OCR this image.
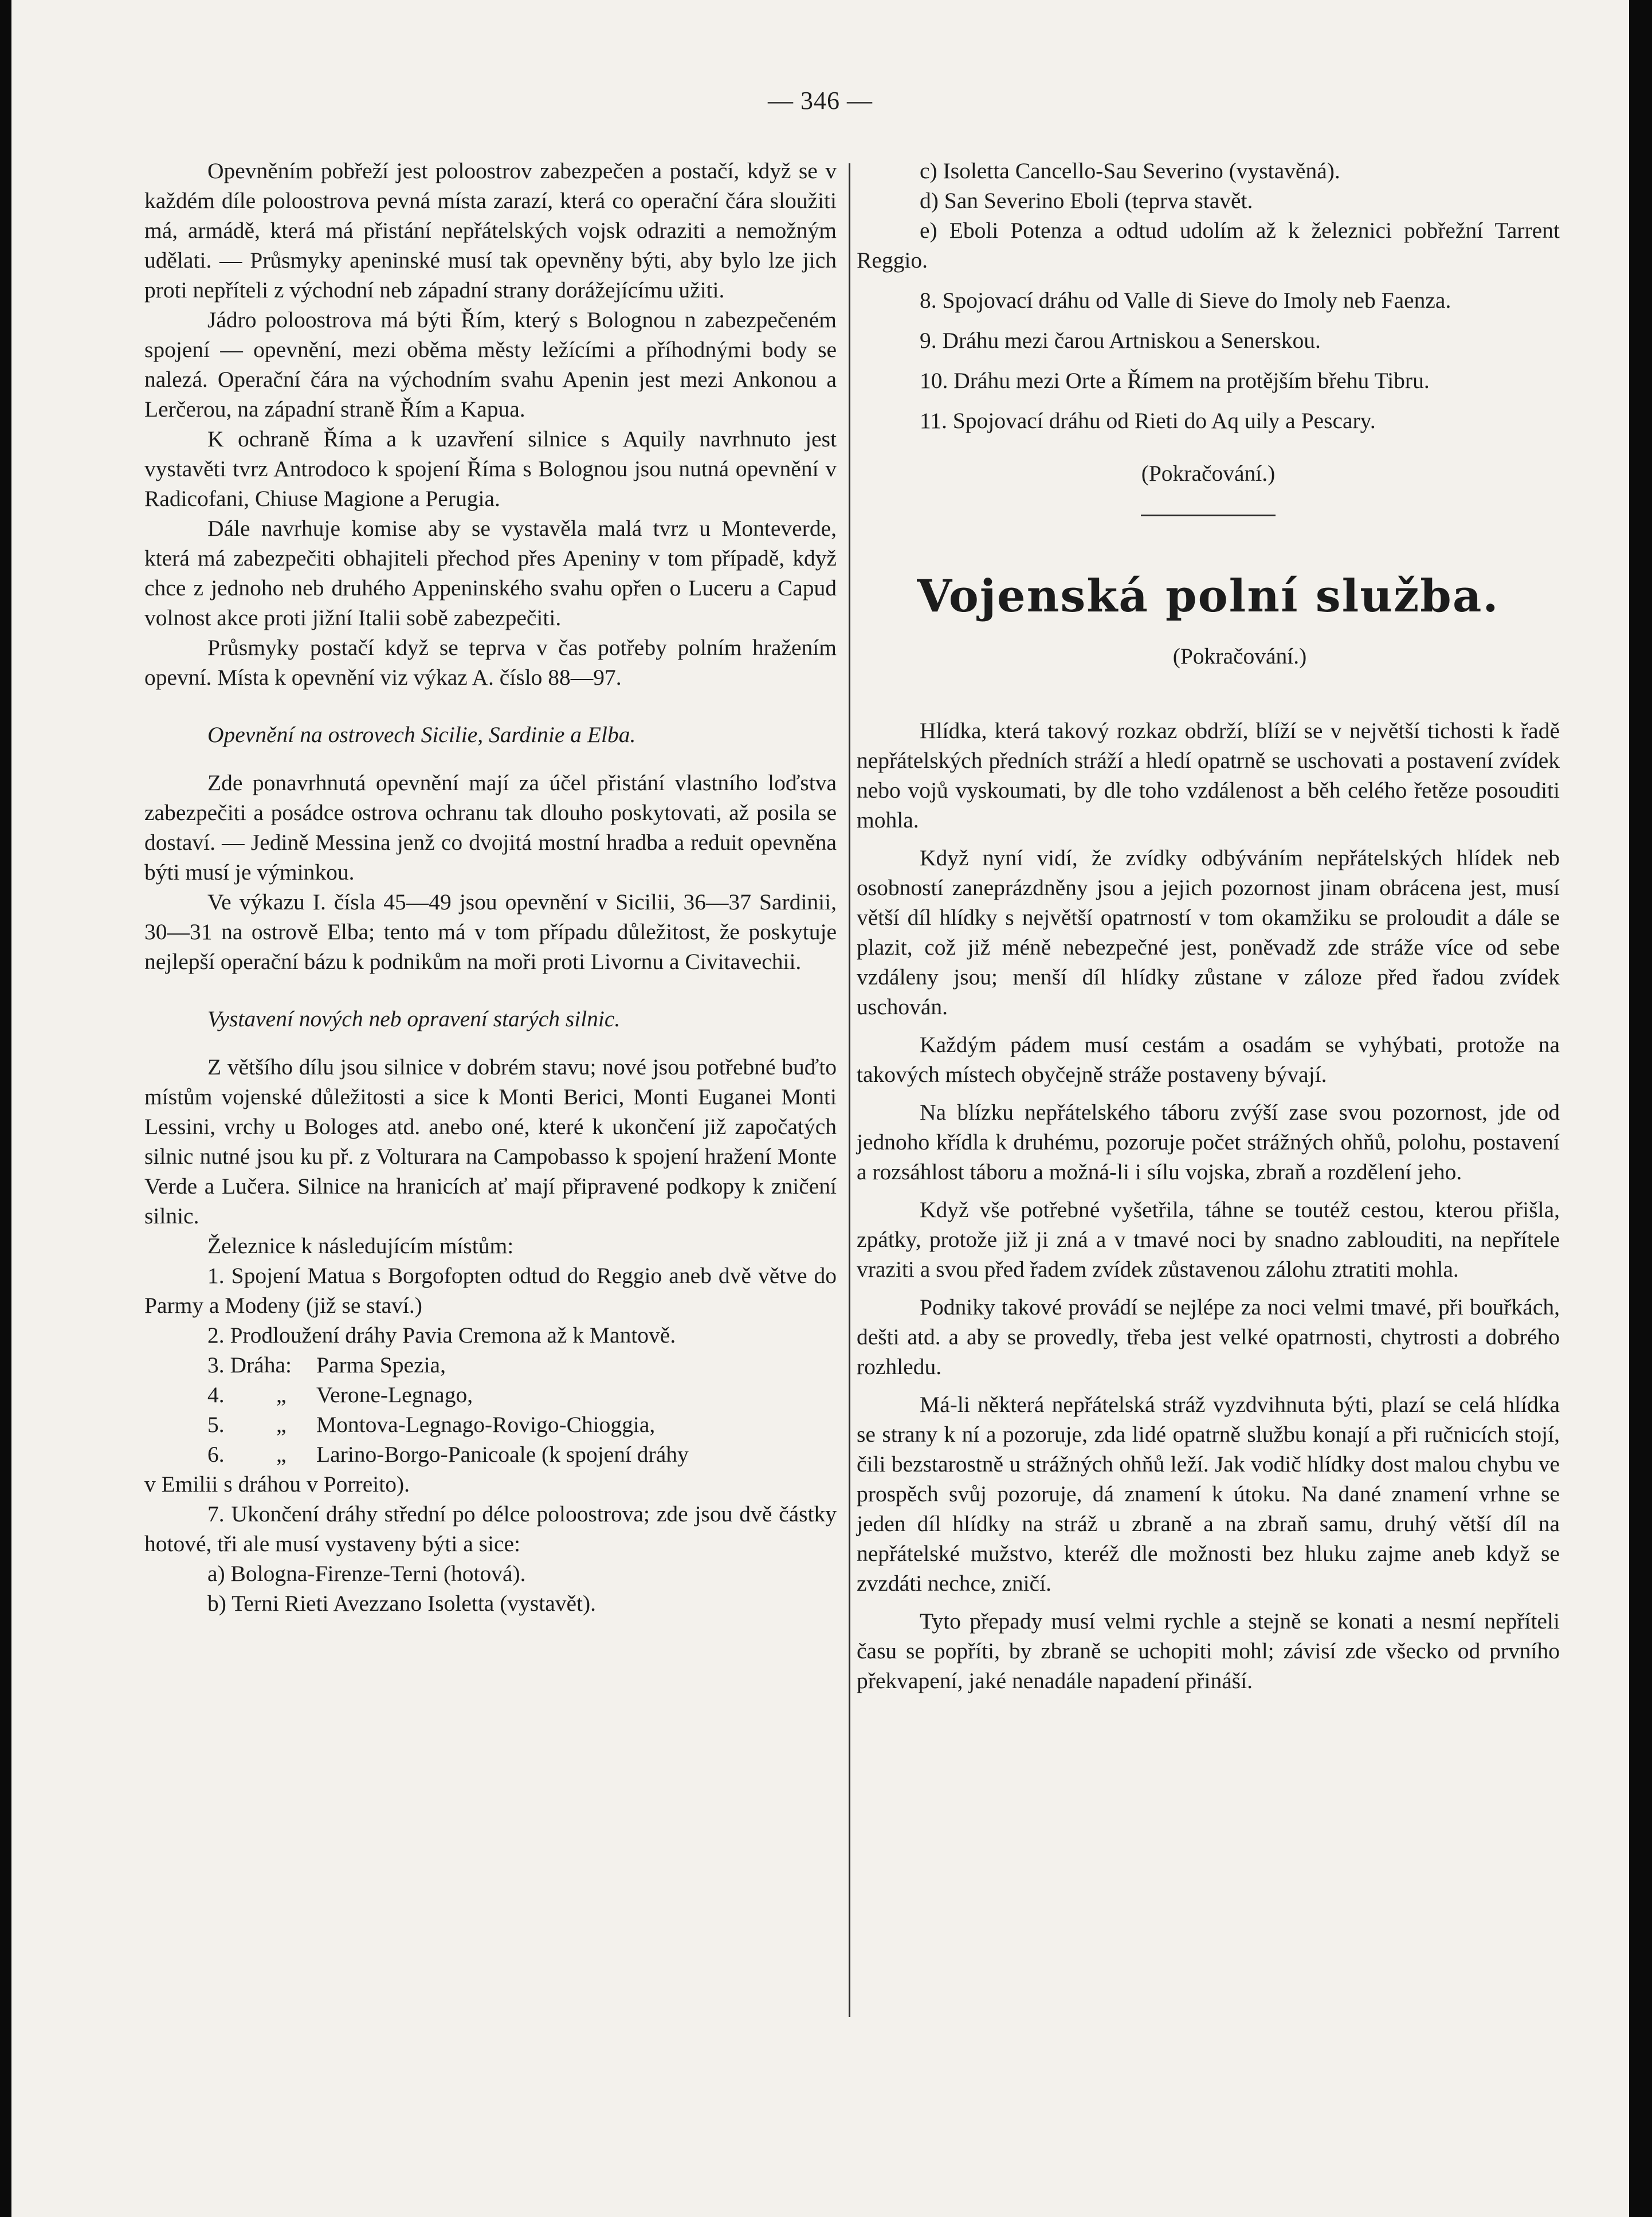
— 346 —

Opevněním pobřeží jest poloostrov zabezpečen a postačí, když se v každém díle poloostrova pevná místa zarazí, která co operační čára sloužiti má, armádě, která má přistání nepřátelských vojsk odraziti a nemožným udělati. — Průsmyky apeninské musí tak opevněny býti, aby bylo lze jich proti nepříteli z východní neb západní strany dorážejícímu užiti.

Jádro poloostrova má býti Řím, který s Bolognou n zabezpečeném spojení — opevnění, mezi oběma městy ležícími a příhodnými body se nalezá. Operační čára na východním svahu Apenin jest mezi Ankonou a Lerčerou, na západní straně Řím a Kapua.

K ochraně Říma a k uzavření silnice s Aquily navrhnuto jest vystavěti tvrz Antrodoco k spojení Říma s Bolognou jsou nutná opevnění v Radicofani, Chiuse Magione a Perugia.

Dále navrhuje komise aby se vystavěla malá tvrz u Monteverde, která má zabezpečiti obhajiteli přechod přes Apeniny v tom případě, když chce z jednoho neb druhého Appeninského svahu opřen o Luceru a Capud volnost akce proti jižní Italii sobě zabezpečiti.

Průsmyky postačí když se teprva v čas potřeby polním hražením opevní. Místa k opevnění viz výkaz A. číslo 88—97.

Opevnění na ostrovech Sicilie, Sardinie a Elba.

Zde ponavrhnutá opevnění mají za účel přistání vlastního loďstva zabezpečiti a posádce ostrova ochranu tak dlouho poskytovati, až posila se dostaví. — Jedině Messina jenž co dvojitá mostní hradba a reduit opevněna býti musí je výminkou.

Ve výkazu I. čísla 45—49 jsou opevnění v Sicilii, 36—37 Sardinii, 30—31 na ostrově Elba; tento má v tom případu důležitost, že poskytuje nejlepší operační bázu k podnikům na moři proti Livornu a Civitavechii.

Vystavení nových neb opravení starých silnic.

Z většího dílu jsou silnice v dobrém stavu; nové jsou potřebné buďto místům vojenské důležitosti a sice k Monti Berici, Monti Euganei Monti Lessini, vrchy u Bologes atd. anebo oné, které k ukončení již započatých silnic nutné jsou ku př. z Volturara na Campobasso k spojení hražení Monte Verde a Lučera. Silnice na hranicích ať mají připravené podkopy k zničení silnic.

Železnice k následujícím místům:

1. Spojení Matua s Borgofopten odtud do Reggio aneb dvě větve do Parmy a Modeny (již se staví.)

2. Prodloužení dráhy Pavia Cremona až k Mantově.

3. Dráha:	Parma Spezia,
4.	„	Verone-Legnago,
5.	„	Montova-Legnago-Rovigo-Chioggia,
6.	„	Larino-Borgo-Panicoale (k spojení dráhy

v Emilii s dráhou v Porreito).

7. Ukončení dráhy střední po délce poloostrova; zde jsou dvě částky hotové, tři ale musí vystaveny býti a sice:

a) Bologna-Firenze-Terni (hotová).

b) Terni Rieti Avezzano Isoletta (vystavět).

c) Isoletta Cancello-Sau Severino (vystavěná).

d) San Severino Eboli (teprva stavět.

e) Eboli Potenza a odtud udolím až k železnici pobřežní Tarrent Reggio.

8. Spojovací dráhu od Valle di Sieve do Imoly neb Faenza.

9. Dráhu mezi čarou Artniskou a Senerskou.

10. Dráhu mezi Orte a Římem na protějším břehu Tibru.

11. Spojovací dráhu od Rieti do Aq uily a Pescary.

(Pokračování.)

Vojenská polní služba.

(Pokračování.)

Hlídka, která takový rozkaz obdrží, blíží se v největší tichosti k řadě nepřátelských předních stráží a hledí opatrně se uschovati a postavení zvídek nebo vojů vyskoumati, by dle toho vzdálenost a běh celého řetěze posouditi mohla.

Když nyní vidí, že zvídky odbýváním nepřátelských hlídek neb osobností zaneprázdněny jsou a jejich pozornost jinam obrácena jest, musí větší díl hlídky s největší opatrností v tom okamžiku se proloudit a dále se plazit, což již méně nebezpečné jest, poněvadž zde stráže více od sebe vzdáleny jsou; menší díl hlídky zůstane v záloze před řadou zvídek uschován.

Každým pádem musí cestám a osadám se vyhýbati, protože na takových místech obyčejně stráže postaveny bývají.

Na blízku nepřátelského táboru zvýší zase svou pozornost, jde od jednoho křídla k druhému, pozoruje počet strážných ohňů, polohu, postavení a rozsáhlost táboru a možná-li i sílu vojska, zbraň a rozdělení jeho.

Když vše potřebné vyšetřila, táhne se toutéž cestou, kterou přišla, zpátky, protože již ji zná a v tmavé noci by snadno zablouditi, na nepřítele vraziti a svou před řadem zvídek zůstavenou zálohu ztratiti mohla.

Podniky takové provádí se nejlépe za noci velmi tmavé, při bouřkách, dešti atd. a aby se provedly, třeba jest velké opatrnosti, chytrosti a dobrého rozhledu.

Má-li některá nepřátelská stráž vyzdvihnuta býti, plazí se celá hlídka se strany k ní a pozoruje, zda lidé opatrně službu konají a při ručnicích stojí, čili bezstarostně u strážných ohňů leží. Jak vodič hlídky dost malou chybu ve prospěch svůj pozoruje, dá znamení k útoku. Na dané znamení vrhne se jeden díl hlídky na stráž u zbraně a na zbraň samu, druhý větší díl na nepřátelské mužstvo, kteréž dle možnosti bez hluku zajme aneb když se zvzdáti nechce, zničí.

Tyto přepady musí velmi rychle a stejně se konati a nesmí nepříteli času se popříti, by zbraně se uchopiti mohl; závisí zde všecko od prvního překvapení, jaké nenadále napadení přináší.
